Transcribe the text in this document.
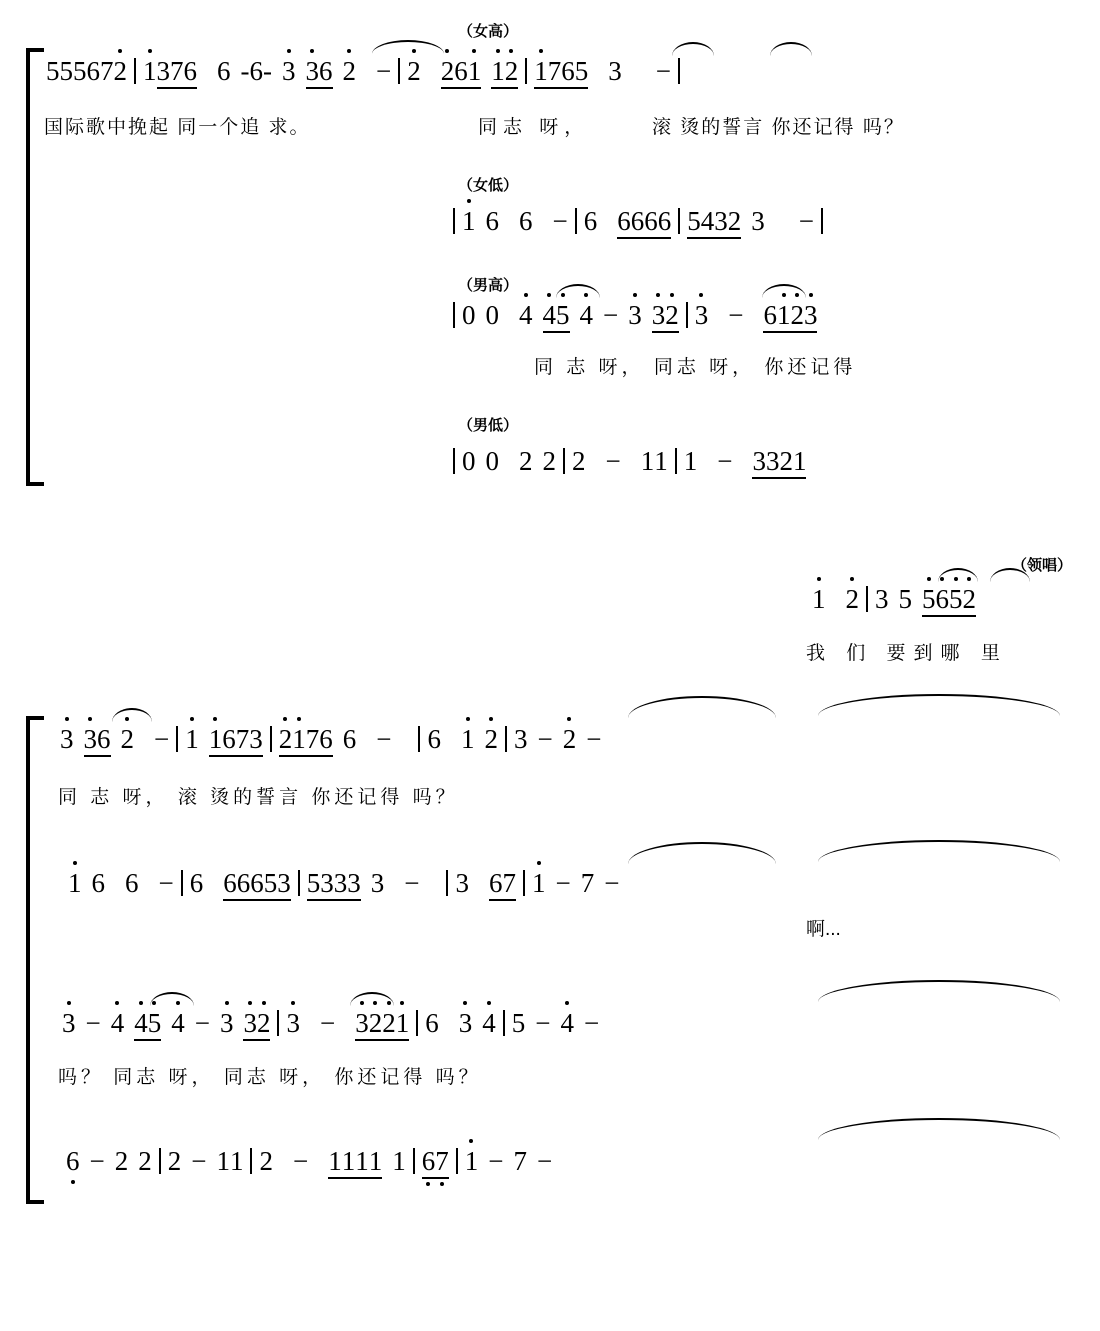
（女高）
555672 1376 6 -6- 3 36 2 − 2 261 12 1765 3 −
国际歌中挽起 同一个追 求。	同志 呀，	滚 烫的誓言 你还记得 吗？
（女低）
1 6 6 − 6 6666 5432 3 −
（男高）
0 0 4 45 4 − 3 32 3 − 6123
同 志 呀， 同志 呀， 你还记得
（男低）
0 0 2 2 2 − 11 1 − 3321
（领唱）
1 2 3 5 5652
我 们 要到哪 里
3 36 2 − 1 1673 2176 6 − 6 1 2 3 − 2 −
同 志 呀， 滚 烫的誓言 你还记得 吗？
1 6 6 − 6 66653 5333 3 − 3 67 1 − 7 −
啊...
3 − 4 45 4 − 3 32 3 − 3221 6 3 4 5 − 4 −
吗？ 同志 呀， 同志 呀， 你还记得 吗？
6 − 2 2 2 − 11 2 − 1111 1 67 1 − 7 −
